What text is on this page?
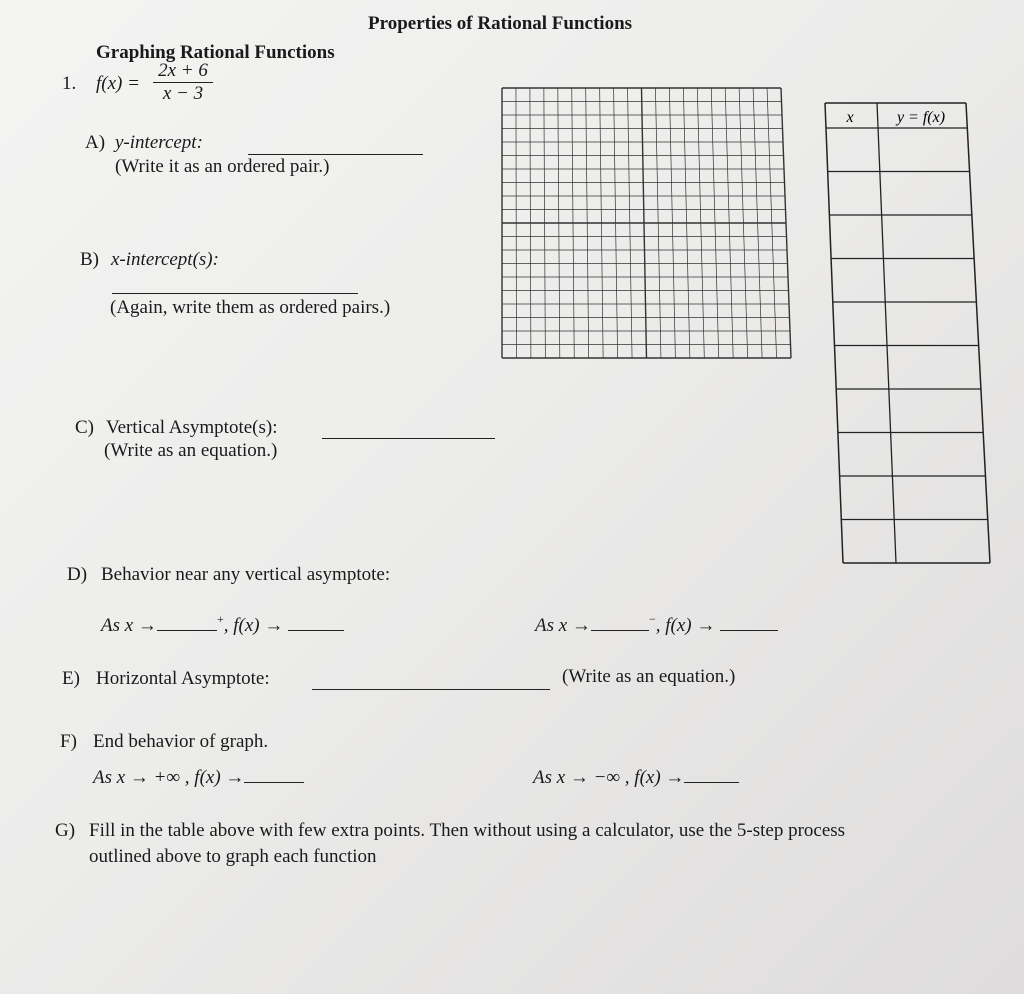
Properties of Rational Functions
Graphing Rational Functions
1. $f(x) = \frac{2x + 6}{x - 3}$
A) y-intercept:
(Write it as an ordered pair.)
B) x-intercept(s):
(Again, write them as ordered pairs.)
C) Vertical Asymptote(s):
(Write as an equation.)
D) Behavior near any vertical asymptote:
As x →	+, f(x) →	As x →	−, f(x) →
E) Horizontal Asymptote:	(Write as an equation.)
F) End behavior of graph.
As x → +∞ , f(x) →	As x → −∞ , f(x) →
G) Fill in the table above with few extra points. Then without using a calculator, use the 5-step process
outlined above to graph each function
x	y = f(x)
